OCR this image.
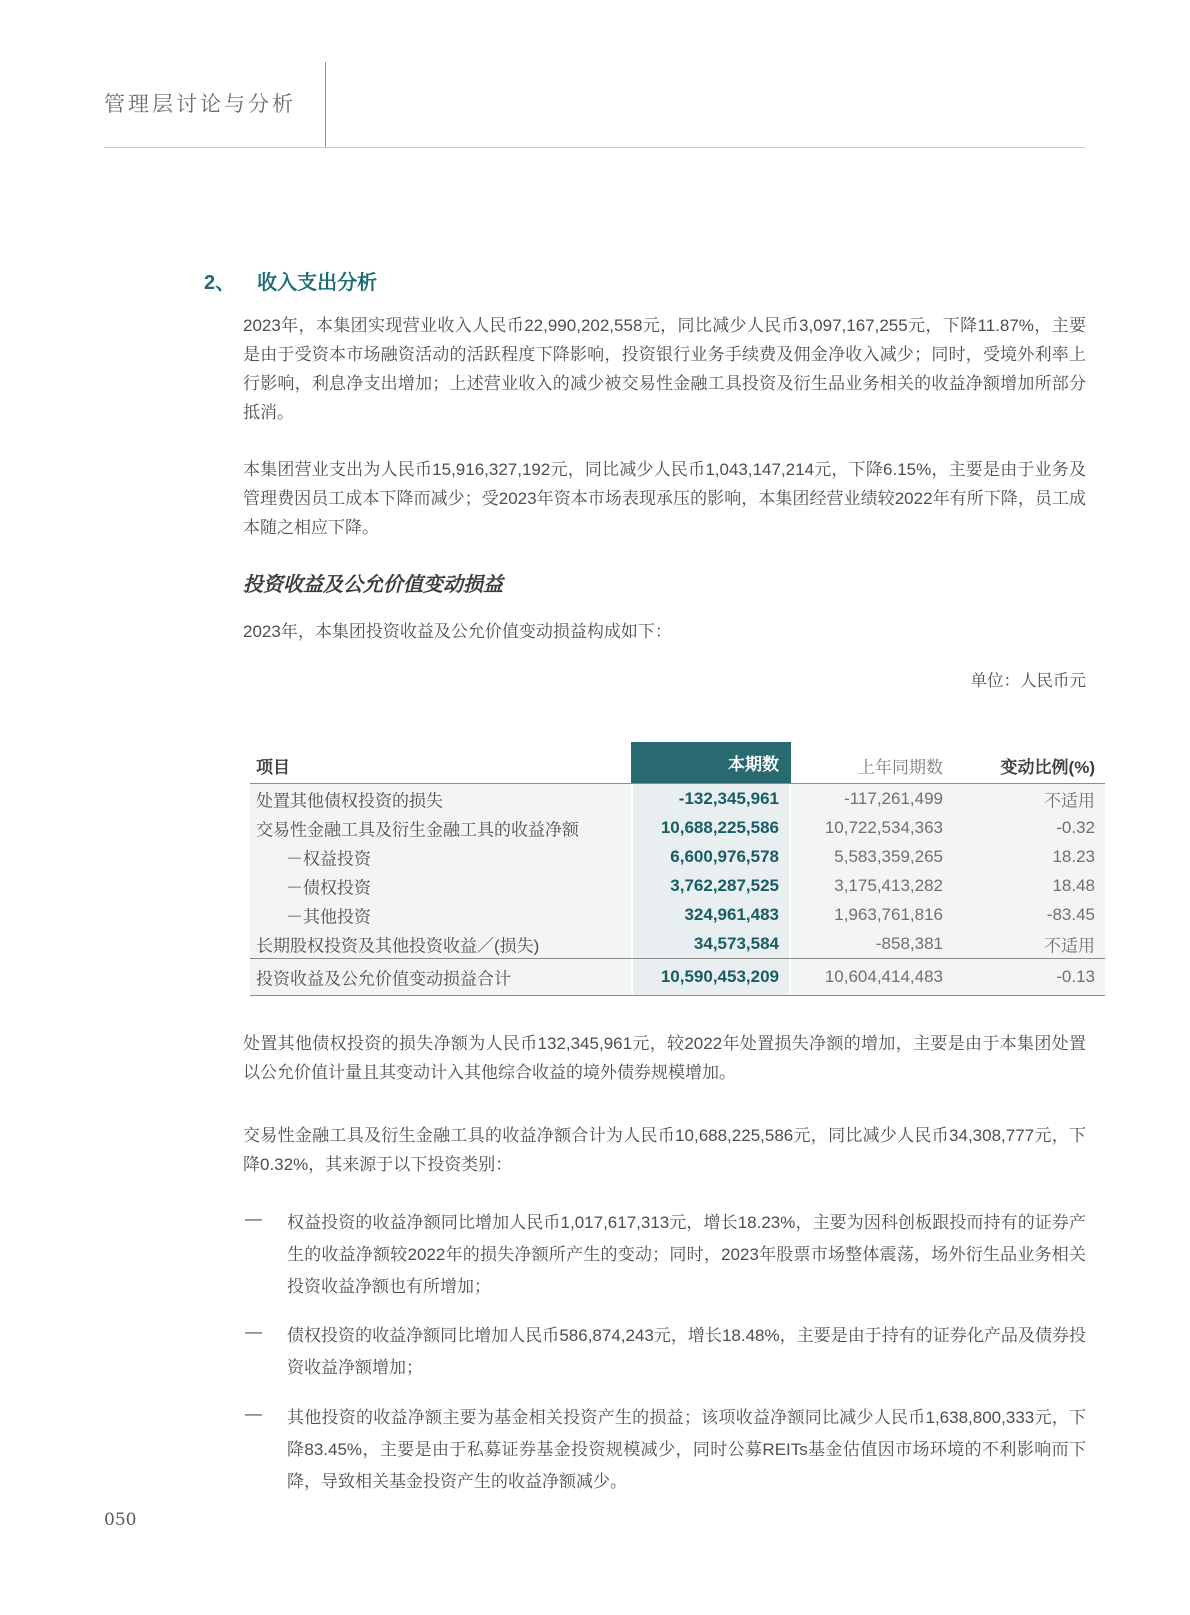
管理层讨论与分析
2、 收入支出分析
2023年，本集团实现营业收入人民币22,990,202,558元，同比减少人民币3,097,167,255元，下降11.87%，主要是由于受资本市场融资活动的活跃程度下降影响，投资银行业务手续费及佣金净收入减少；同时，受境外利率上行影响，利息净支出增加；上述营业收入的减少被交易性金融工具投资及衍生品业务相关的收益净额增加所部分抵消。
本集团营业支出为人民币15,916,327,192元，同比减少人民币1,043,147,214元，下降6.15%，主要是由于业务及管理费因员工成本下降而减少；受2023年资本市场表现承压的影响，本集团经营业绩较2022年有所下降，员工成本随之相应下降。
投资收益及公允价值变动损益
2023年，本集团投资收益及公允价值变动损益构成如下：
单位：人民币元
项目	本期数	上年同期数	变动比例(%)
处置其他债权投资的损失	-132,345,961	-117,261,499	不适用
交易性金融工具及衍生金融工具的收益净额	10,688,225,586	10,722,534,363	-0.32
－权益投资	6,600,976,578	5,583,359,265	18.23
－债权投资	3,762,287,525	3,175,413,282	18.48
－其他投资	324,961,483	1,963,761,816	-83.45
长期股权投资及其他投资收益／(损失)	34,573,584	-858,381	不适用
投资收益及公允价值变动损益合计	10,590,453,209	10,604,414,483	-0.13
处置其他债权投资的损失净额为人民币132,345,961元，较2022年处置损失净额的增加，主要是由于本集团处置以公允价值计量且其变动计入其他综合收益的境外债券规模增加。
交易性金融工具及衍生金融工具的收益净额合计为人民币10,688,225,586元，同比减少人民币34,308,777元，下降0.32%，其来源于以下投资类别：
— 权益投资的收益净额同比增加人民币1,017,617,313元，增长18.23%，主要为因科创板跟投而持有的证券产生的收益净额较2022年的损失净额所产生的变动；同时，2023年股票市场整体震荡，场外衍生品业务相关投资收益净额也有所增加；
— 债权投资的收益净额同比增加人民币586,874,243元，增长18.48%，主要是由于持有的证券化产品及债券投资收益净额增加；
— 其他投资的收益净额主要为基金相关投资产生的损益；该项收益净额同比减少人民币1,638,800,333元，下降83.45%，主要是由于私募证券基金投资规模减少，同时公募REITs基金估值因市场环境的不利影响而下降，导致相关基金投资产生的收益净额减少。
050
